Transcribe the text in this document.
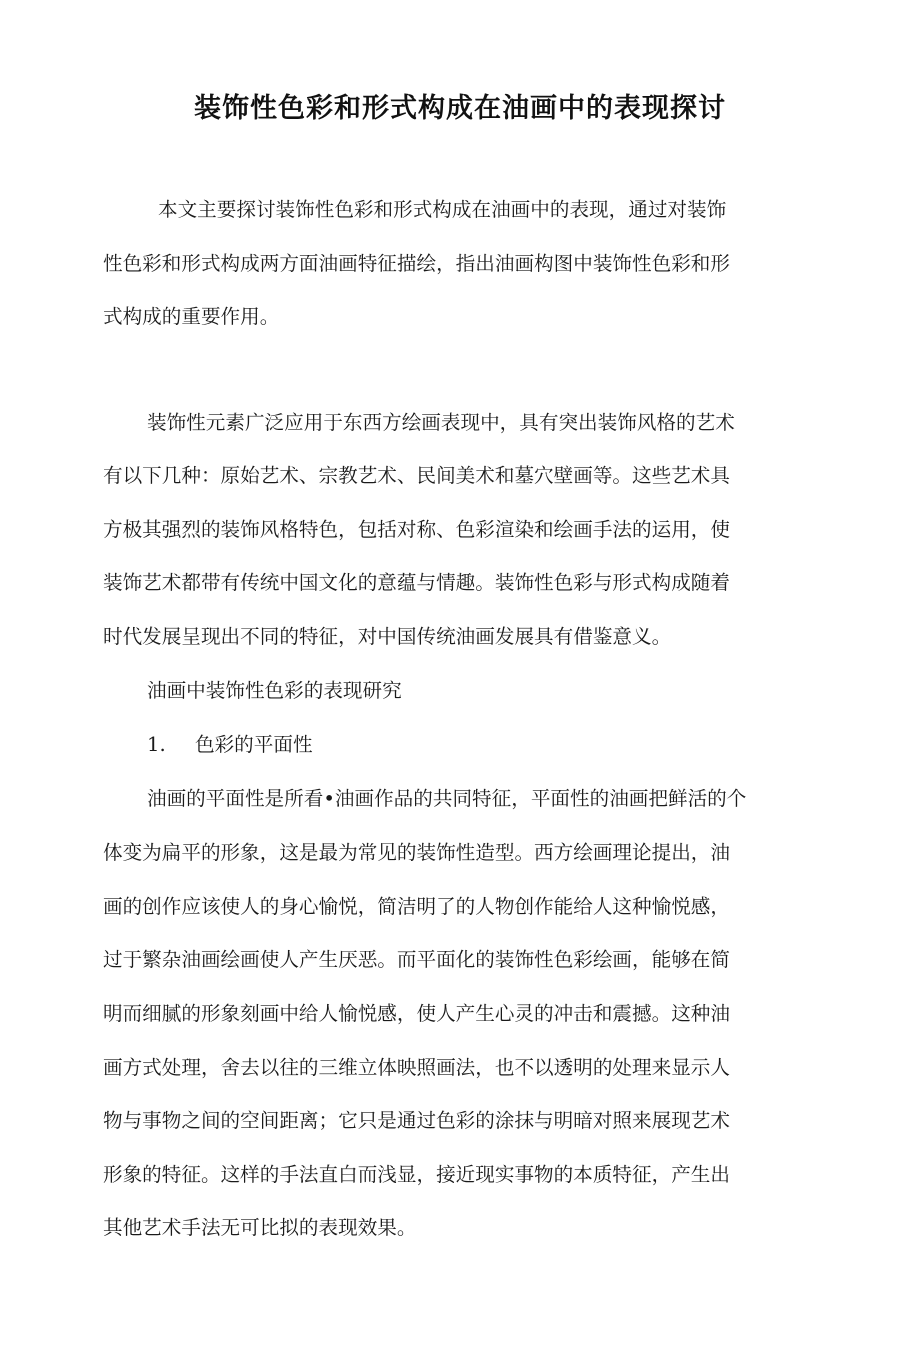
装饰性色彩和形式构成在油画中的表现探讨
本文主要探讨装饰性色彩和形式构成在油画中的表现，通过对装饰
性色彩和形式构成两方面油画特征描绘，指出油画构图中装饰性色彩和形
式构成的重要作用。
装饰性元素广泛应用于东西方绘画表现中，具有突出装饰风格的艺术
有以下几种：原始艺术、宗教艺术、民间美术和墓穴壁画等。这些艺术具
方极其强烈的装饰风格特色，包括对称、色彩渲染和绘画手法的运用，使
装饰艺术都带有传统中国文化的意蕴与情趣。装饰性色彩与形式构成随着
时代发展呈现出不同的特征，对中国传统油画发展具有借鉴意义。
油画中装饰性色彩的表现研究
1. 色彩的平面性
油画的平面性是所看•油画作品的共同特征，平面性的油画把鲜活的个
体变为扁平的形象，这是最为常见的装饰性造型。西方绘画理论提出，油
画的创作应该使人的身心愉悦，简洁明了的人物创作能给人这种愉悦感，
过于繁杂油画绘画使人产生厌恶。而平面化的装饰性色彩绘画，能够在简
明而细腻的形象刻画中给人愉悦感，使人产生心灵的冲击和震撼。这种油
画方式处理，舍去以往的三维立体映照画法，也不以透明的处理来显示人
物与事物之间的空间距离；它只是通过色彩的涂抹与明暗对照来展现艺术
形象的特征。这样的手法直白而浅显，接近现实事物的本质特征，产生出
其他艺术手法无可比拟的表现效果。
